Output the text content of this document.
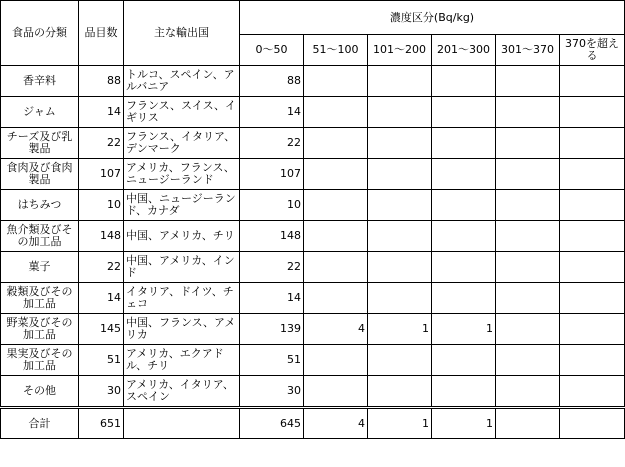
食品の分類	品目数	主な輸出国	濃度区分(Bq/kg)					
			0～50	51～100	101～200	201～300	301～370	370を超える
香辛料	88	トルコ、スペイン、アルバニア	88					
ジャム	14	フランス、スイス、イギリス	14					
チーズ及び乳製品	22	フランス、イタリア、デンマーク	22					
食肉及び食肉製品	107	アメリカ、フランス、ニュージーランド	107					
はちみつ	10	中国、ニュージーランド、カナダ	10					
魚介類及びその加工品	148	中国、アメリカ、チリ	148					
菓子	22	中国、アメリカ、インド	22					
穀類及びその加工品	14	イタリア、ドイツ、チェコ	14					
野菜及びその加工品	145	中国、フランス、アメリカ	139	4	1	1		
果実及びその加工品	51	アメリカ、エクアドル、チリ	51					
その他	30	アメリカ、イタリア、スペイン	30					
合計	651		645	4	1	1		
